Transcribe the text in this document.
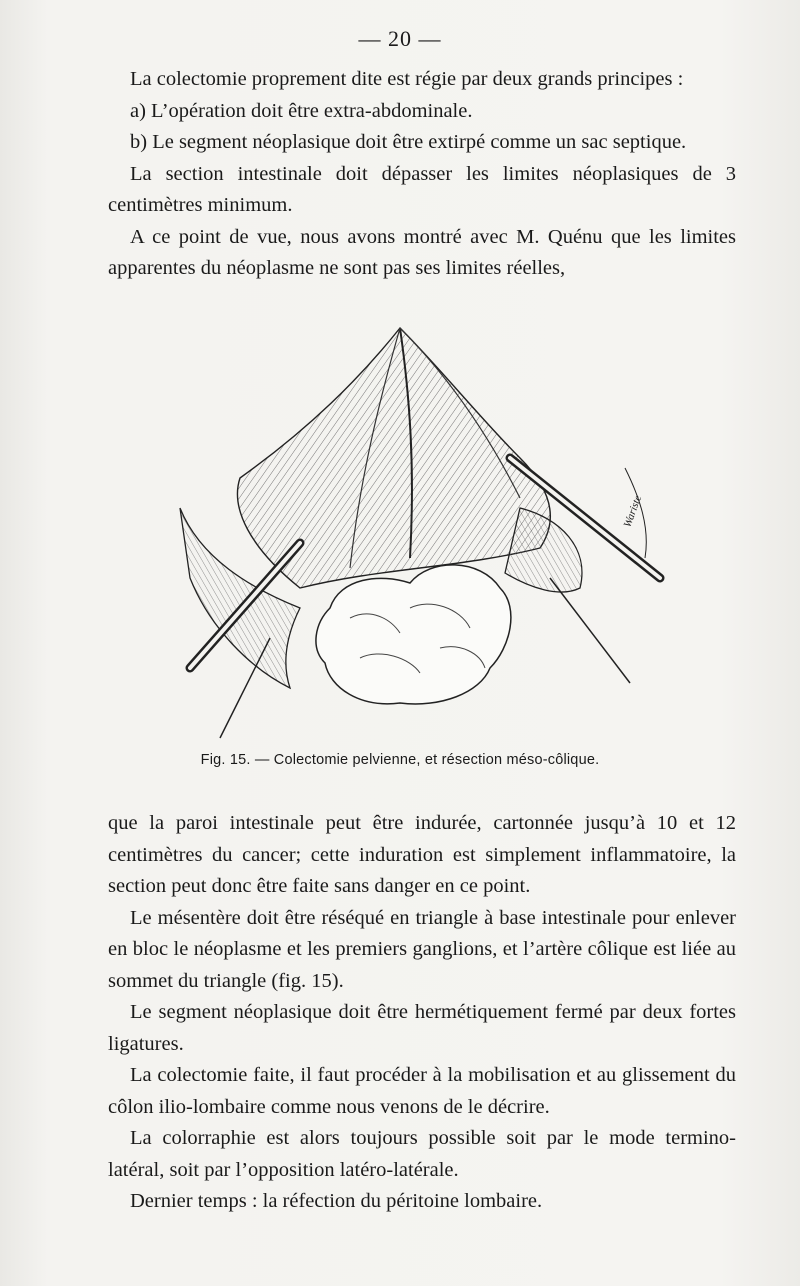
— 20 —

La colectomie proprement dite est régie par deux grands principes :

a) L’opération doit être extra-abdominale.

b) Le segment néoplasique doit être extirpé comme un sac septique.

La section intestinale doit dépasser les limites néoplasiques de 3 centimètres minimum.

A ce point de vue, nous avons montré avec M. Quénu que les limites apparentes du néoplasme ne sont pas ses limites réelles,

Wariste
Fig. 15. — Colectomie pelvienne, et résection méso-côlique.

que la paroi intestinale peut être indurée, cartonnée jusqu’à 10 et 12 centimètres du cancer; cette induration est simplement inflammatoire, la section peut donc être faite sans danger en ce point.

Le mésentère doit être réséqué en triangle à base intestinale pour enlever en bloc le néoplasme et les premiers ganglions, et l’artère côlique est liée au sommet du triangle (fig. 15).

Le segment néoplasique doit être hermétiquement fermé par deux fortes ligatures.

La colectomie faite, il faut procéder à la mobilisation et au glissement du côlon ilio-lombaire comme nous venons de le décrire.

La colorraphie est alors toujours possible soit par le mode termino-latéral, soit par l’opposition latéro-latérale.

Dernier temps : la réfection du péritoine lombaire.
